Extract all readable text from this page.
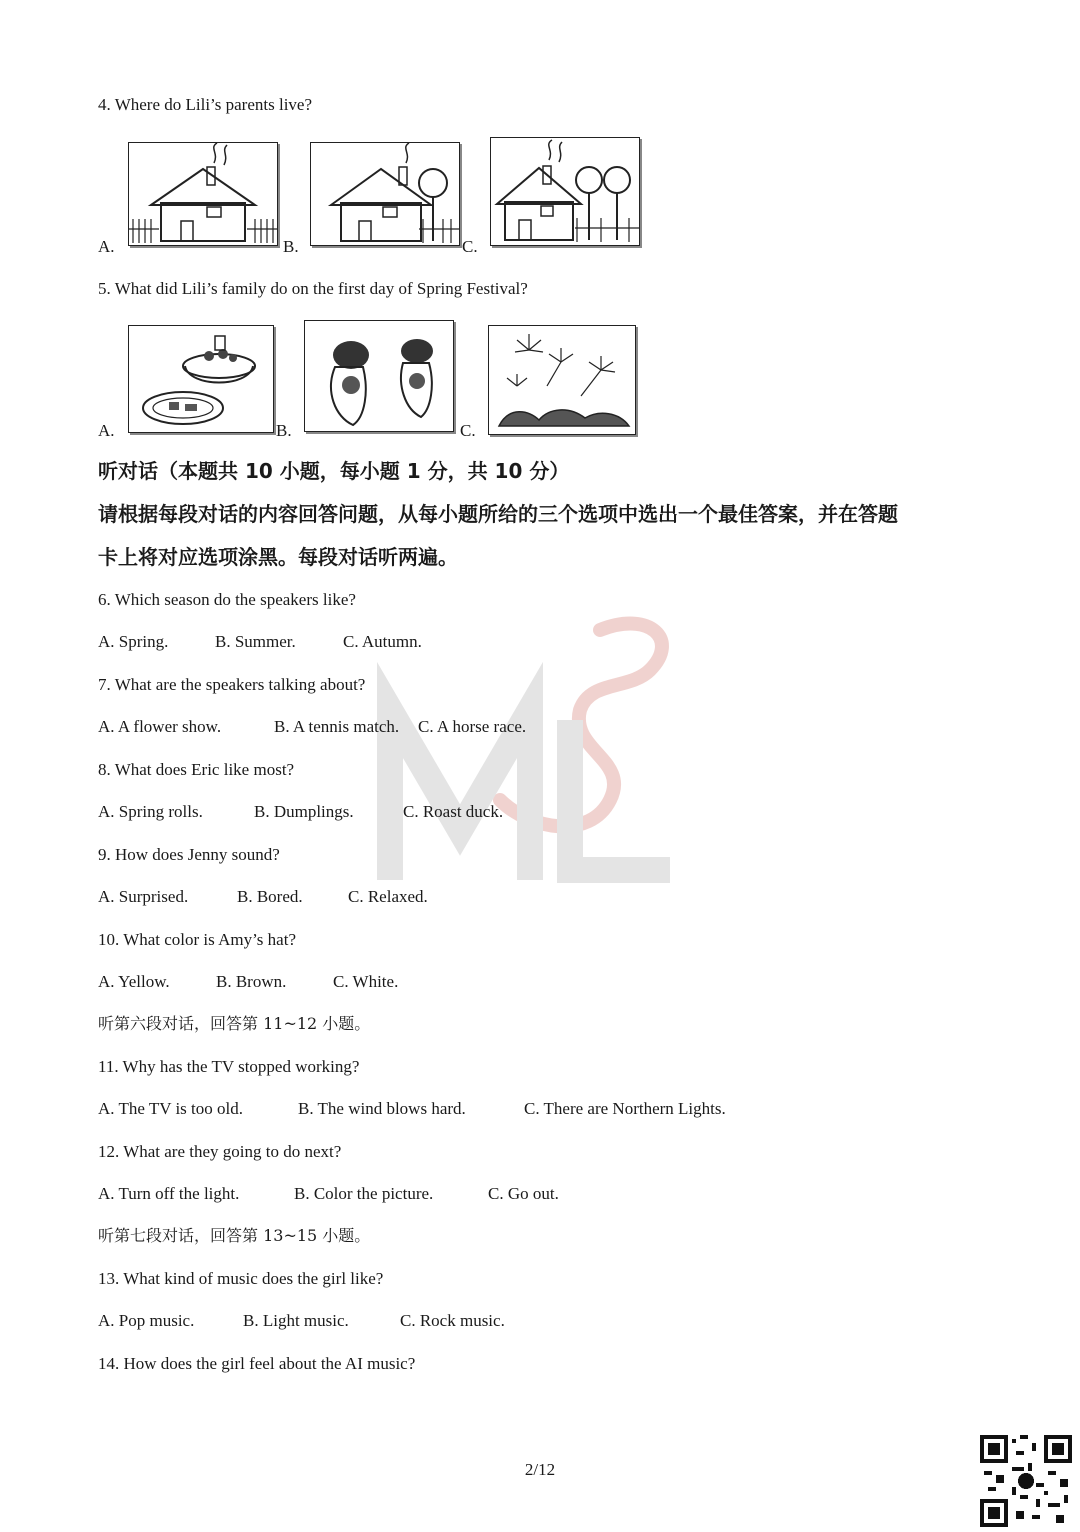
4. Where do Lili’s parents live?
A.	B.	C.
5. What did Lili’s family do on the first day of Spring Festival?
A.	B.	C.
听对话（本题共 10 小题，每小题 1 分，共 10 分）
请根据每段对话的内容回答问题，从每小题所给的三个选项中选出一个最佳答案，并在答题
卡上将对应选项涂黑。每段对话听两遍。
6. Which season do the speakers like?
A. Spring.	B. Summer.	C. Autumn.
7. What are the speakers talking about?
A. A flower show.	B. A tennis match. C. A horse race.
8. What does Eric like most?
A. Spring rolls.	B. Dumplings.	C. Roast duck.
9. How does Jenny sound?
A. Surprised.	B. Bored.	C. Relaxed.
10. What color is Amy’s hat?
A. Yellow.	B. Brown.	C. White.
听第六段对话，回答第 11~12 小题。
11. Why has the TV stopped working?
A. The TV is too old.	B. The wind blows hard.	C. There are Northern Lights.
12. What are they going to do next?
A. Turn off the light.	B. Color the picture.	C. Go out.
听第七段对话，回答第 13~15 小题。
13. What kind of music does the girl like?
A. Pop music.	B. Light music.	C. Rock music.
14. How does the girl feel about the AI music?
2/12
